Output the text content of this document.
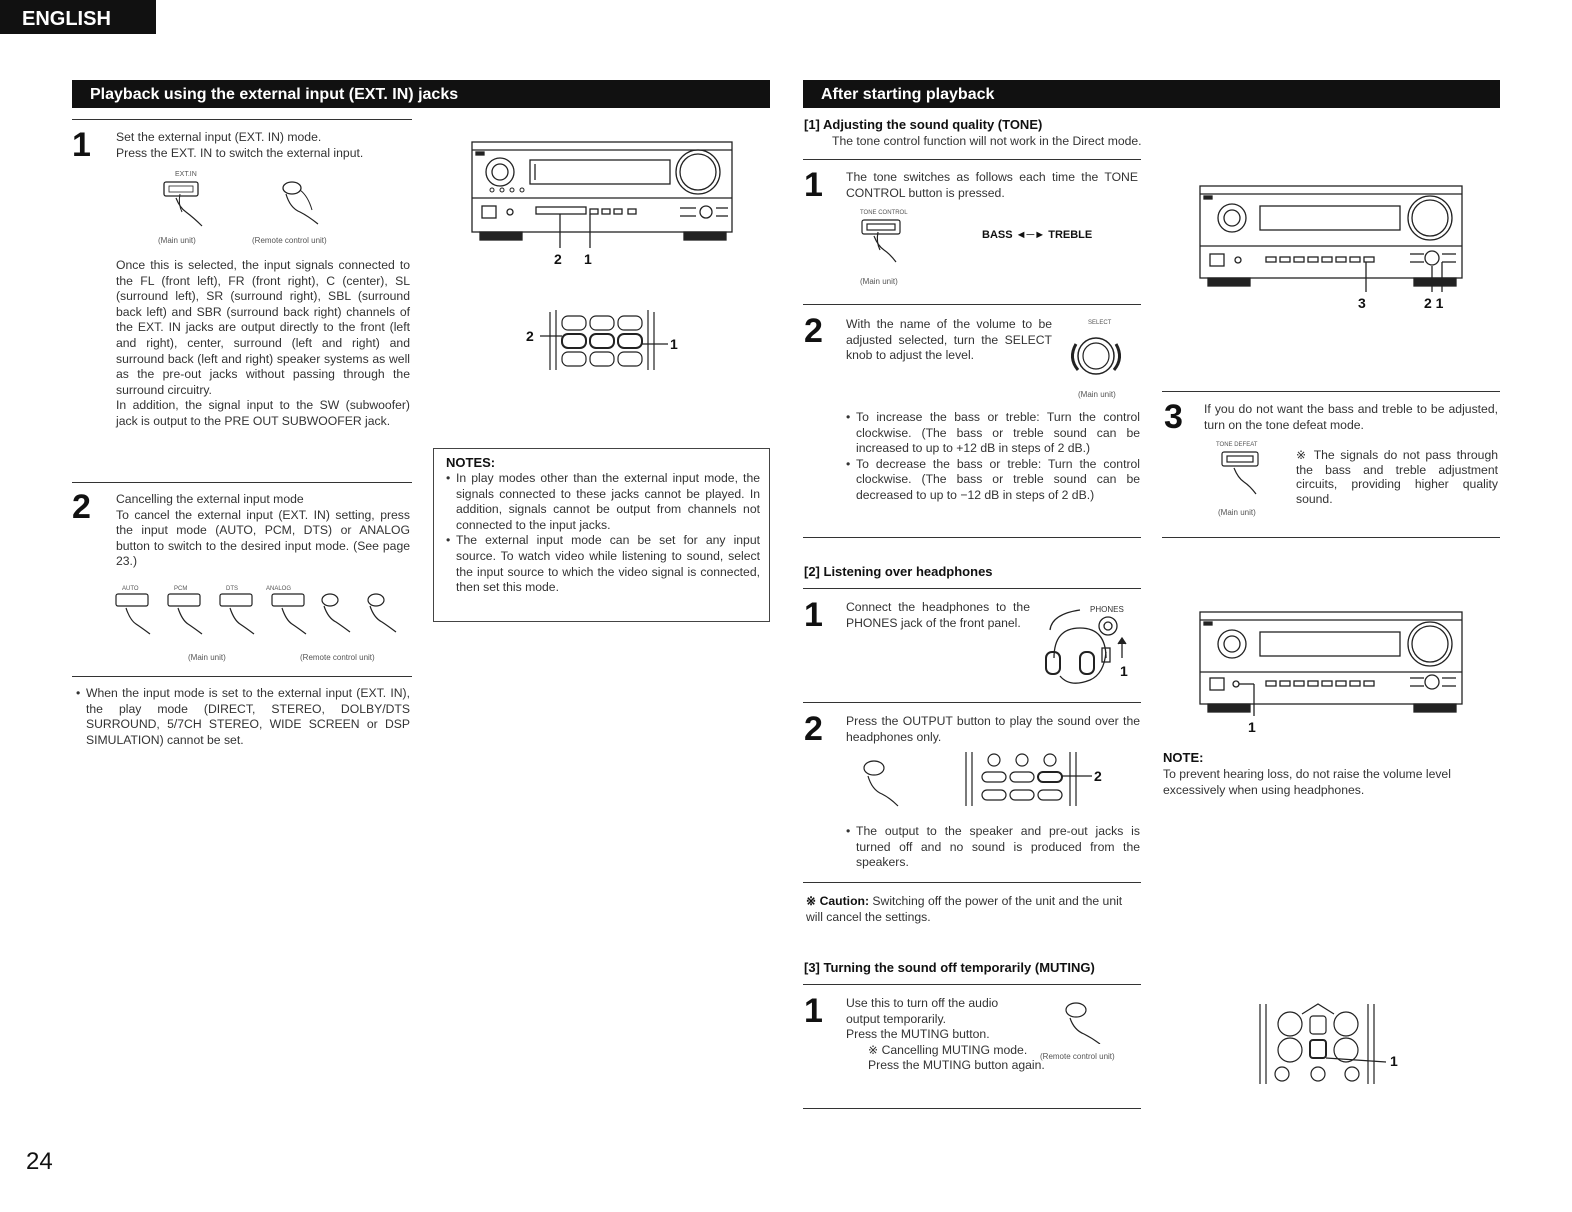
ENGLISH
Playback using the external input (EXT. IN) jacks
1 Set the external input (EXT. IN) mode.
Press the EXT. IN to switch the external input.
EXT.IN
(Main unit)	(Remote control unit)
Once this is selected, the input signals connected to the FL (front left), FR (front right), C (center), SL (surround left), SR (surround right), SBL (surround back left) and SBR (surround back right) channels of the EXT. IN jacks are output directly to the front (left and right), center, surround (left and right) and surround back (left and right) speaker systems as well as the pre-out jacks without passing through the surround circuitry.
In addition, the signal input to the SW (subwoofer) jack is output to the PRE OUT SUBWOOFER jack.
2 Cancelling the external input mode
To cancel the external input (EXT. IN) setting, press the input mode (AUTO, PCM, DTS) or ANALOG button to switch to the desired input mode. (See page 23.)
AUTO	PCM	DTS	ANALOG
(Main unit)	(Remote control unit)
• When the input mode is set to the external input (EXT. IN), the play mode (DIRECT, STEREO, DOLBY/DTS SURROUND, 5/7CH STEREO, WIDE SCREEN or DSP SIMULATION) cannot be set.
2 1
2	1
NOTES:
• In play modes other than the external input mode, the signals connected to these jacks cannot be played. In addition, signals cannot be output from channels not connected to the input jacks.
• The external input mode can be set for any input source. To watch video while listening to sound, select the input source to which the video signal is connected, then set this mode.
After starting playback
[1] Adjusting the sound quality (TONE)
The tone control function will not work in the Direct mode.
1 The tone switches as follows each time the TONE CONTROL button is pressed.
TONE CONTROL
BASS ◄─► TREBLE
(Main unit)
2 With the name of the volume to be adjusted selected, turn the SELECT knob to adjust the level.
SELECT
(Main unit)
• To increase the bass or treble: Turn the control clockwise. (The bass or treble sound can be increased to up to +12 dB in steps of 2 dB.)
• To decrease the bass or treble: Turn the control clockwise. (The bass or treble sound can be decreased to up to −12 dB in steps of 2 dB.)
3	2 1
3 If you do not want the bass and treble to be adjusted, turn on the tone defeat mode.
TONE DEFEAT
(Main unit)
※ The signals do not pass through the bass and treble adjustment circuits, providing higher quality sound.
[2] Listening over headphones
1 Connect the headphones to the PHONES jack of the front panel.
PHONES
1
2 Press the OUTPUT button to play the sound over the headphones only.
2
• The output to the speaker and pre-out jacks is turned off and no sound is produced from the speakers.
※ Caution: Switching off the power of the unit and the unit will cancel the settings.
1
NOTE:
To prevent hearing loss, do not raise the volume level excessively when using headphones.
[3] Turning the sound off temporarily (MUTING)
1 Use this to turn off the audio output temporarily.
Press the MUTING button.
※ Cancelling MUTING mode.
Press the MUTING button again.
(Remote control unit)	1
24
